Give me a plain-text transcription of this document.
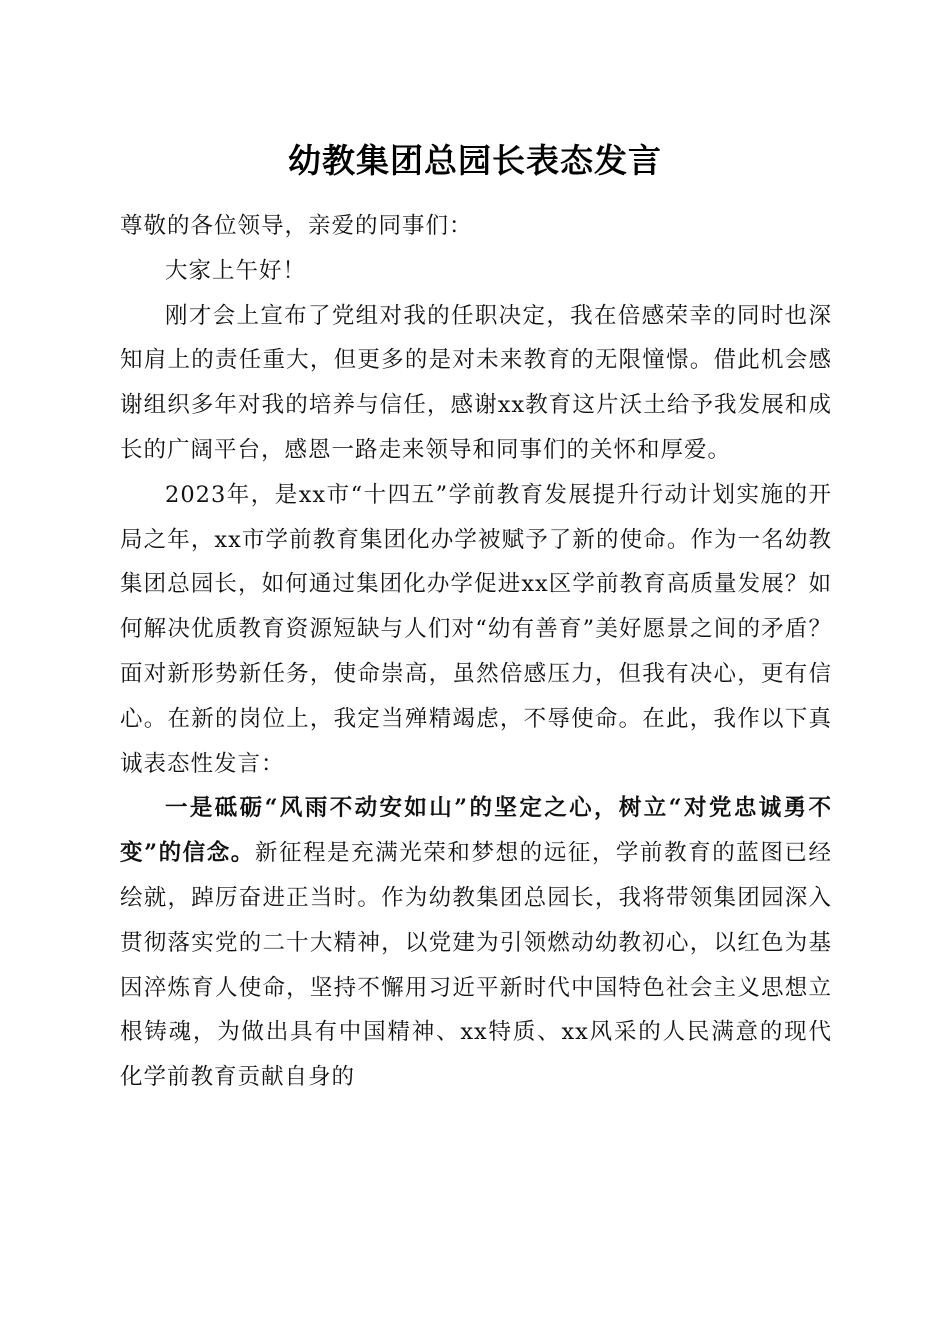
幼教集团总园长表态发言

尊敬的各位领导，亲爱的同事们：

大家上午好！

刚才会上宣布了党组对我的任职决定，我在倍感荣幸的同时也深知肩上的责任重大，但更多的是对未来教育的无限憧憬。借此机会感谢组织多年对我的培养与信任，感谢xx教育这片沃土给予我发展和成长的广阔平台，感恩一路走来领导和同事们的关怀和厚爱。

2023年，是xx市“十四五”学前教育发展提升行动计划实施的开局之年，xx市学前教育集团化办学被赋予了新的使命。作为一名幼教集团总园长，如何通过集团化办学促进xx区学前教育高质量发展？如何解决优质教育资源短缺与人们对“幼有善育”美好愿景之间的矛盾？面对新形势新任务，使命崇高，虽然倍感压力，但我有决心，更有信心。在新的岗位上，我定当殚精竭虑，不辱使命。在此，我作以下真诚表态性发言：

一是砥砺“风雨不动安如山”的坚定之心，树立“对党忠诚勇不变”的信念。新征程是充满光荣和梦想的远征，学前教育的蓝图已经绘就，踔厉奋进正当时。作为幼教集团总园长，我将带领集团园深入贯彻落实党的二十大精神，以党建为引领燃动幼教初心，以红色为基因淬炼育人使命，坚持不懈用习近平新时代中国特色社会主义思想立根铸魂，为做出具有中国精神、xx特质、xx风采的人民满意的现代化学前教育贡献自身的
